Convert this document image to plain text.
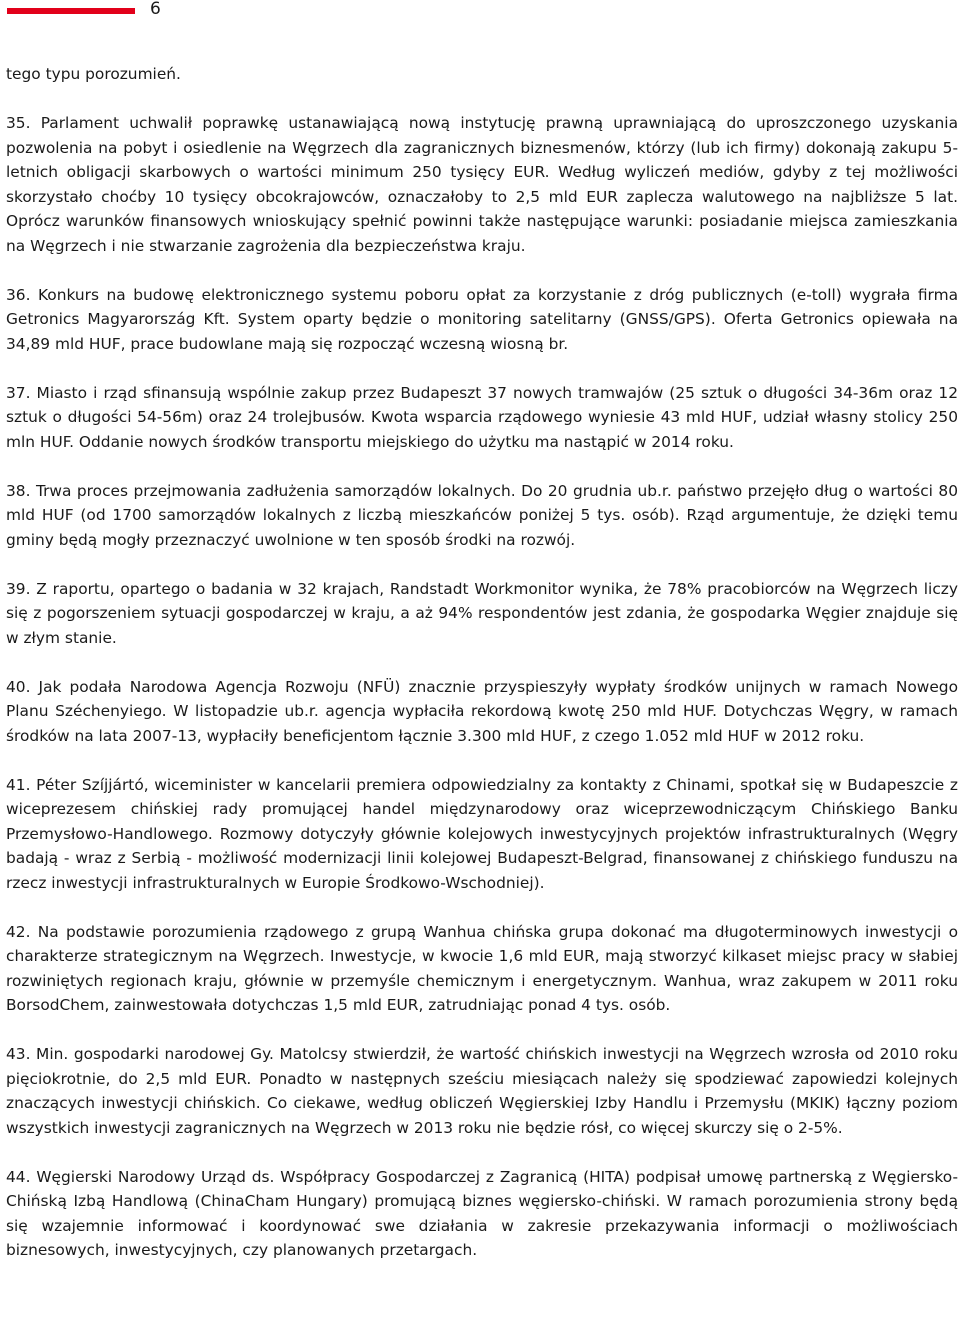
6

tego typu porozumień.

35. Parlament uchwalił poprawkę ustanawiającą nową instytucję prawną uprawniającą do uproszczonego uzyskania pozwolenia na pobyt i osiedlenie na Węgrzech dla zagranicznych biznesmenów, którzy (lub ich firmy) dokonają zakupu 5-letnich obligacji skarbowych o wartości minimum 250 tysięcy EUR. Według wyliczeń mediów, gdyby z tej możliwości skorzystało choćby 10 tysięcy obcokrajowców, oznaczałoby to 2,5 mld EUR zaplecza walutowego na najbliższe 5 lat. Oprócz warunków finansowych wnioskujący spełnić powinni także następujące warunki: posiadanie miejsca zamieszkania na Węgrzech i nie stwarzanie zagrożenia dla bezpieczeństwa kraju.

36. Konkurs na budowę elektronicznego systemu poboru opłat za korzystanie z dróg publicznych (e-toll) wygrała firma Getronics Magyarország Kft. System oparty będzie o monitoring satelitarny (GNSS/GPS). Oferta Getronics opiewała na 34,89 mld HUF, prace budowlane mają się rozpocząć wczesną wiosną br.

37. Miasto i rząd sfinansują wspólnie zakup przez Budapeszt 37 nowych tramwajów (25 sztuk o długości 34-36m oraz 12 sztuk o długości 54-56m) oraz 24 trolejbusów. Kwota wsparcia rządowego wyniesie 43 mld HUF, udział własny stolicy 250 mln HUF. Oddanie nowych środków transportu miejskiego do użytku ma nastąpić w 2014 roku.

38. Trwa proces przejmowania zadłużenia samorządów lokalnych. Do 20 grudnia ub.r. państwo przejęło dług o wartości 80 mld HUF (od 1700 samorządów lokalnych z liczbą mieszkańców poniżej 5 tys. osób). Rząd argumentuje, że dzięki temu gminy będą mogły przeznaczyć uwolnione w ten sposób środki na rozwój.

39. Z raportu, opartego o badania w 32 krajach, Randstadt Workmonitor wynika, że 78% pracobiorców na Węgrzech liczy się z pogorszeniem sytuacji gospodarczej w kraju, a aż 94% respondentów jest zdania, że gospodarka Węgier znajduje się w złym stanie.

40. Jak podała Narodowa Agencja Rozwoju (NFÜ) znacznie przyspieszyły wypłaty środków unijnych w ramach Nowego Planu Széchenyiego. W listopadzie ub.r. agencja wypłaciła rekordową kwotę 250 mld HUF. Dotychczas Węgry, w ramach środków na lata 2007-13, wypłaciły beneficjentom łącznie 3.300 mld HUF, z czego 1.052 mld HUF w 2012 roku.

41. Péter Szíjjártó, wiceminister w kancelarii premiera odpowiedzialny za kontakty z Chinami, spotkał się w Budapeszcie z wiceprezesem chińskiej rady promującej handel międzynarodowy oraz wiceprzewodniczącym Chińskiego Banku Przemysłowo-Handlowego. Rozmowy dotyczyły głównie kolejowych inwestycyjnych projektów infrastrukturalnych (Węgry badają - wraz z Serbią - możliwość modernizacji linii kolejowej Budapeszt-Belgrad, finansowanej z chińskiego funduszu na rzecz inwestycji infrastrukturalnych w Europie Środkowo-Wschodniej).

42. Na podstawie porozumienia rządowego z grupą Wanhua chińska grupa dokonać ma długoterminowych inwestycji o charakterze strategicznym na Węgrzech. Inwestycje, w kwocie 1,6 mld EUR, mają stworzyć kilkaset miejsc pracy w słabiej rozwiniętych regionach kraju, głównie w przemyśle chemicznym i energetycznym. Wanhua, wraz zakupem w 2011 roku BorsodChem, zainwestowała dotychczas 1,5 mld EUR, zatrudniając ponad 4 tys. osób.

43. Min. gospodarki narodowej Gy. Matolcsy stwierdził, że wartość chińskich inwestycji na Węgrzech wzrosła od 2010 roku pięciokrotnie, do 2,5 mld EUR. Ponadto w następnych sześciu miesiącach należy się spodziewać zapowiedzi kolejnych znaczących inwestycji chińskich. Co ciekawe, według obliczeń Węgierskiej Izby Handlu i Przemysłu (MKIK) łączny poziom wszystkich inwestycji zagranicznych na Węgrzech w 2013 roku nie będzie rósł, co więcej skurczy się o 2-5%.

44. Węgierski Narodowy Urząd ds. Współpracy Gospodarczej z Zagranicą (HITA) podpisał umowę partnerską z Węgiersko-Chińską Izbą Handlową (ChinaCham Hungary) promującą biznes węgiersko-chiński. W ramach porozumienia strony będą się wzajemnie informować i koordynować swe działania w zakresie przekazywania informacji o możliwościach biznesowych, inwestycyjnych, czy planowanych przetargach.
